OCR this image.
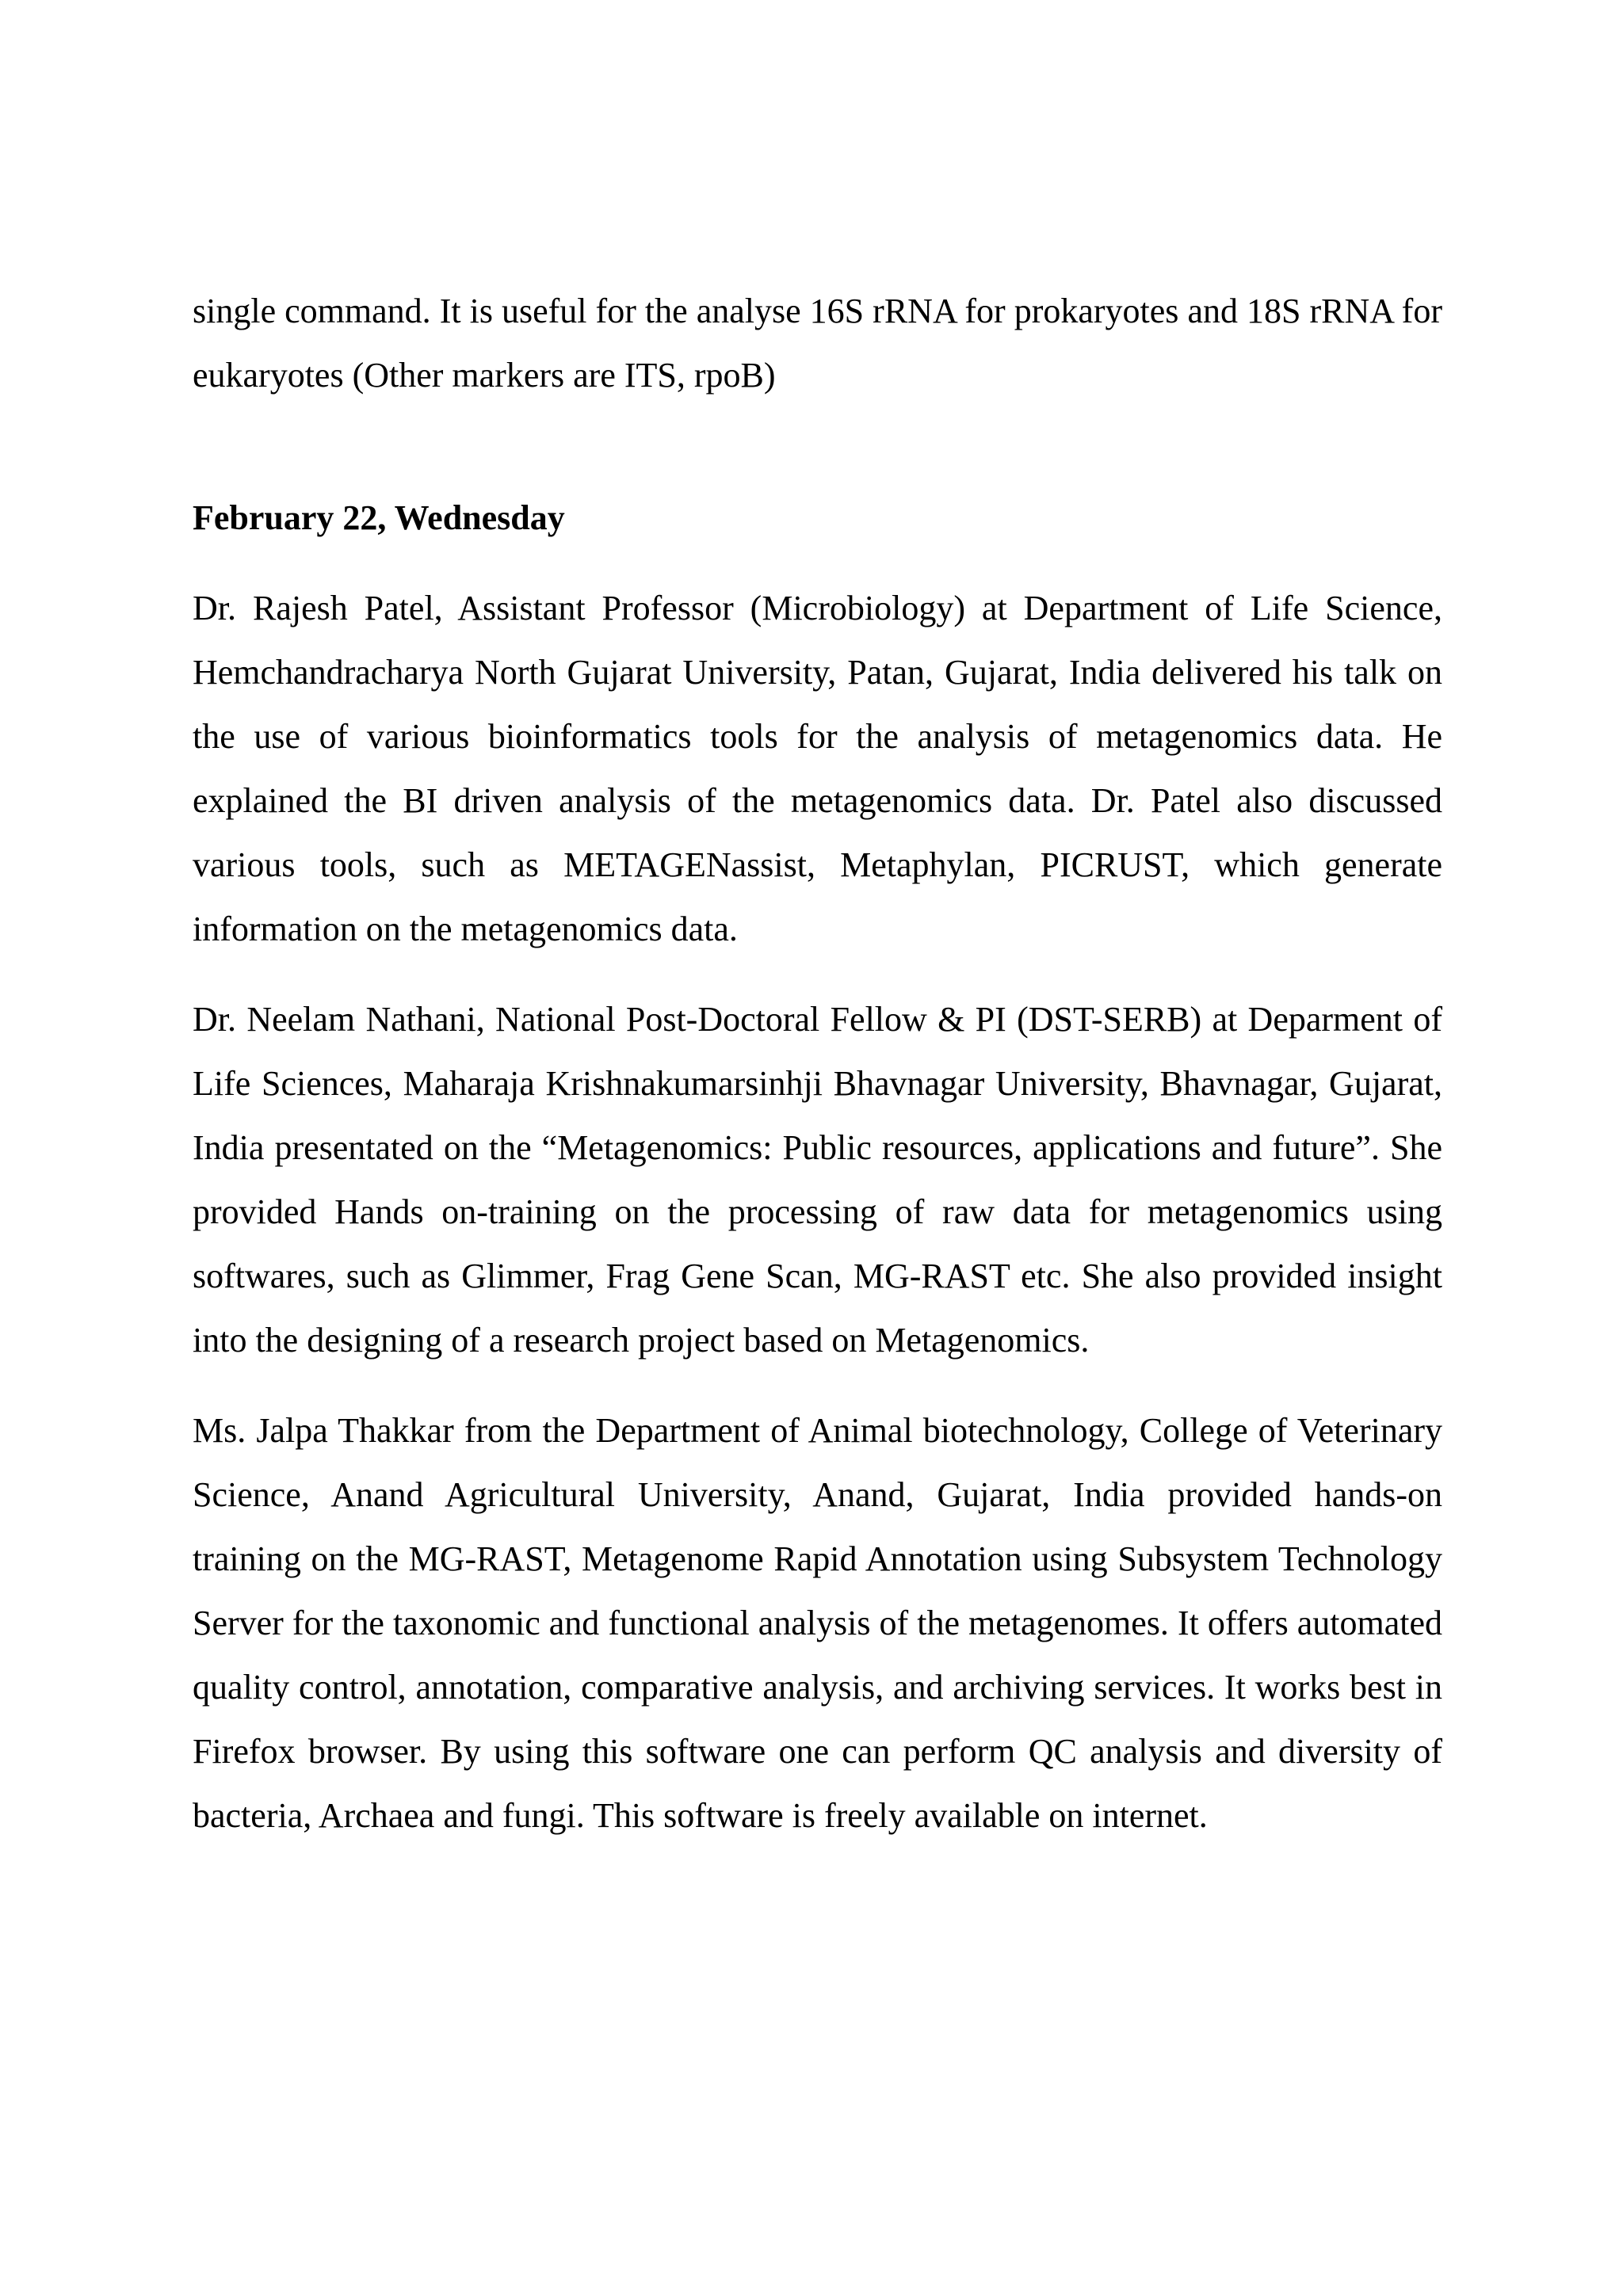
single command. It is useful for the analyse 16S rRNA for prokaryotes and 18S rRNA for eukaryotes (Other markers are ITS, rpoB)

February 22, Wednesday

Dr. Rajesh Patel, Assistant Professor (Microbiology) at Department of Life Science, Hemchandracharya North Gujarat University, Patan, Gujarat, India delivered his talk on the use of various bioinformatics tools for the analysis of metagenomics data. He explained the BI driven analysis of the metagenomics data. Dr. Patel also discussed various tools, such as METAGENassist, Metaphylan, PICRUST, which generate information on the metagenomics data.

Dr. Neelam Nathani, National Post-Doctoral Fellow & PI (DST-SERB) at Deparment of Life Sciences, Maharaja Krishnakumarsinhji Bhavnagar University, Bhavnagar, Gujarat, India presentated on the “Metagenomics: Public resources, applications and future”. She provided Hands on-training on the processing of raw data for metagenomics using softwares, such as Glimmer, Frag Gene Scan, MG-RAST etc. She also provided insight into the designing of a research project based on Metagenomics.

Ms. Jalpa Thakkar from the Department of Animal biotechnology, College of Veterinary Science, Anand Agricultural University, Anand, Gujarat, India provided hands-on training on the MG-RAST, Metagenome Rapid Annotation using Subsystem Technology Server for the taxonomic and functional analysis of the metagenomes. It offers automated quality control, annotation, comparative analysis, and archiving services. It works best in Firefox browser. By using this software one can perform QC analysis and diversity of bacteria, Archaea and fungi. This software is freely available on internet.
